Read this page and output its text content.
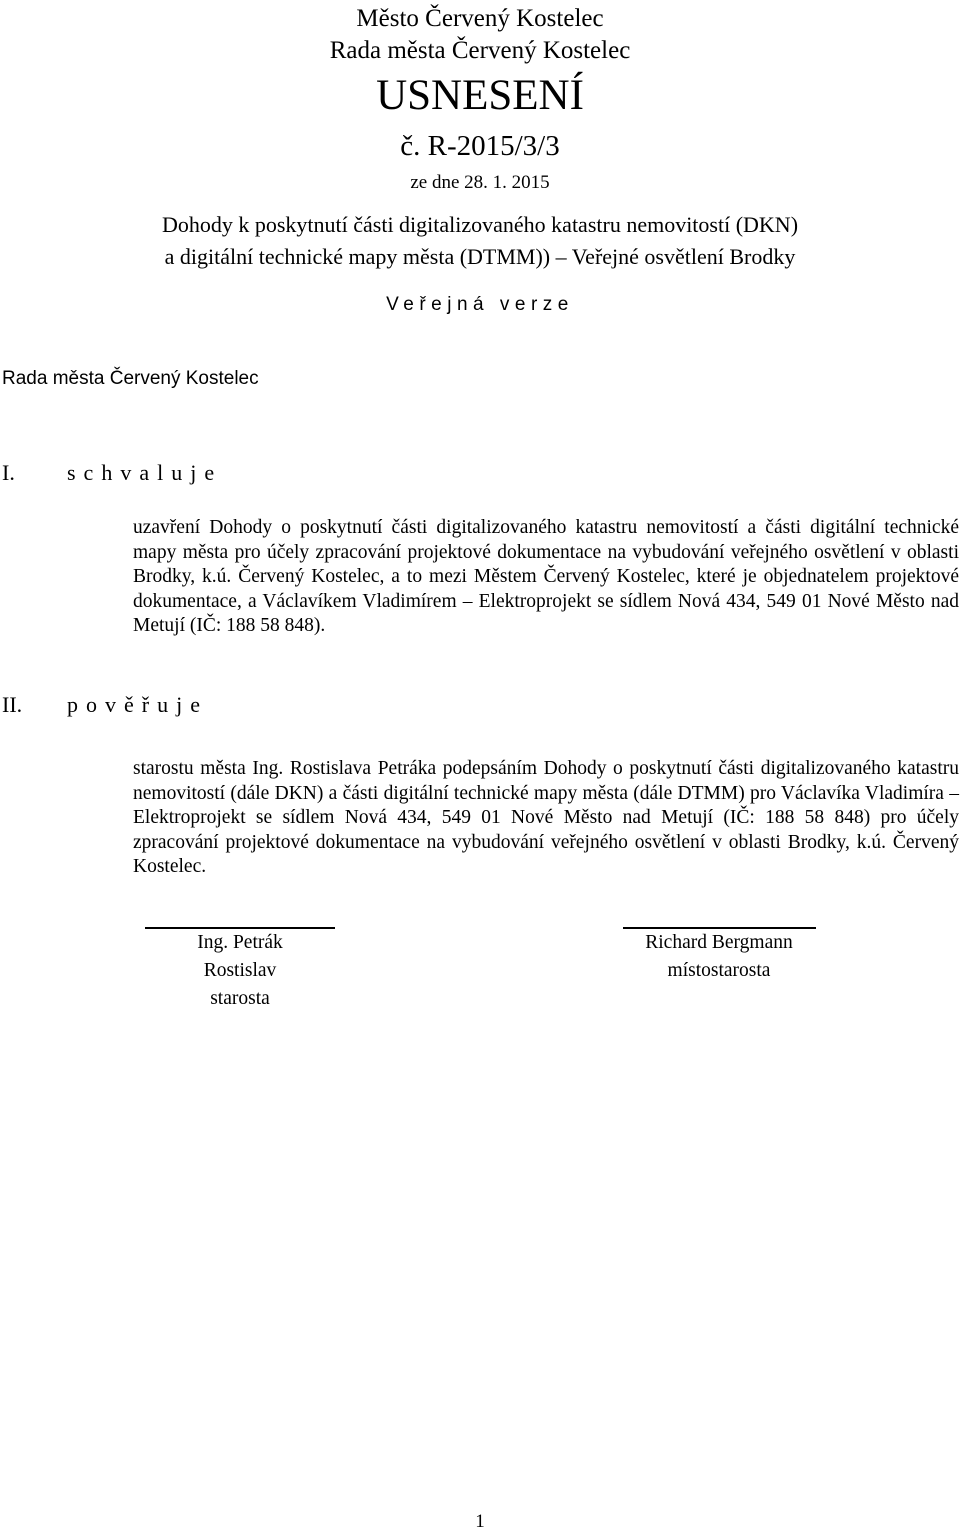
Město Červený Kostelec
Rada města Červený Kostelec
USNESENÍ
č. R-2015/3/3
ze dne 28. 1. 2015
Dohody k poskytnutí části digitalizovaného katastru nemovitostí (DKN)
a digitální technické mapy města (DTMM)) – Veřejné osvětlení Brodky
Veřejná verze
Rada města Červený Kostelec
I. schvaluje
uzavření Dohody o poskytnutí části digitalizovaného katastru nemovitostí a části digitální technické mapy města pro účely zpracování projektové dokumentace na vybudování veřejného osvětlení v oblasti Brodky, k.ú. Červený Kostelec, a to mezi Městem Červený Kostelec, které je objednatelem projektové dokumentace, a Václavíkem Vladimírem – Elektroprojekt se sídlem Nová 434, 549 01 Nové Město nad Metují (IČ: 188 58 848).
II. pověřuje
starostu města Ing. Rostislava Petráka podepsáním Dohody o poskytnutí části digitalizovaného katastru nemovitostí (dále DKN) a části digitální technické mapy města (dále DTMM) pro Václavíka Vladimíra – Elektroprojekt se sídlem Nová 434, 549 01 Nové Město nad Metují (IČ: 188 58 848) pro účely zpracování projektové dokumentace na vybudování veřejného osvětlení v oblasti Brodky, k.ú. Červený Kostelec.
Ing. Petrák
Rostislav
starosta
Richard Bergmann
místostarosta
1
